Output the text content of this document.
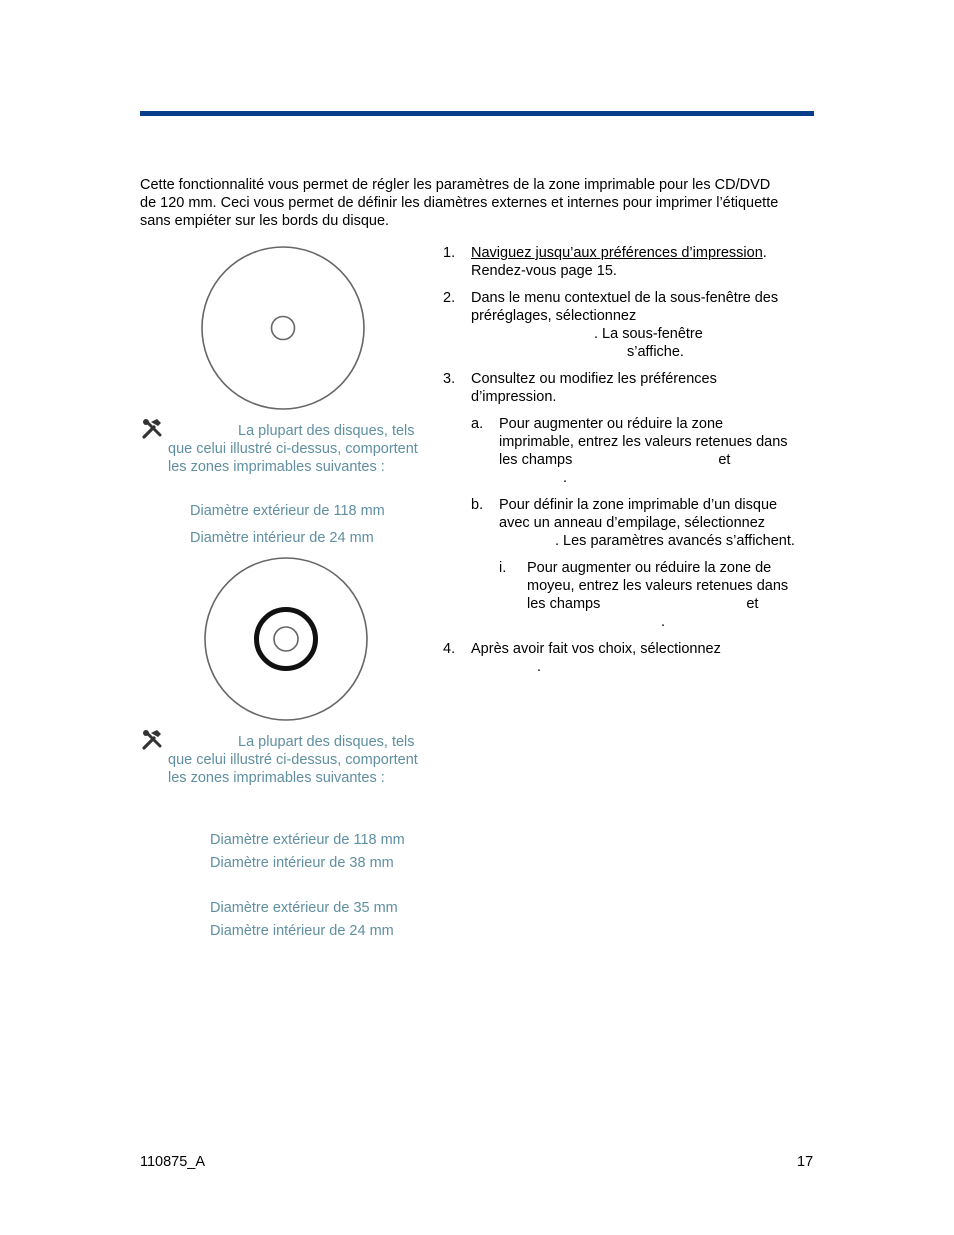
Cette fonctionnalité vous permet de régler les paramètres de la zone imprimable pour les CD/DVD de 120 mm. Ceci vous permet de définir les diamètres externes et internes pour imprimer l’étiquette sans empiéter sur les bords du disque.
La plupart des disques, tels que celui illustré ci-dessus, comportent les zones imprimables suivantes :
Diamètre extérieur de 118 mm
Diamètre intérieur de 24 mm
La plupart des disques, tels que celui illustré ci-dessus, comportent les zones imprimables suivantes :
Diamètre extérieur de 118 mm
Diamètre intérieur de 38 mm
Diamètre extérieur de 35 mm
Diamètre intérieur de 24 mm
1. Naviguez jusqu’aux préférences d’impression.
Rendez-vous page 15.
2. Dans le menu contextuel de la sous-fenêtre des
préréglages, sélectionnez
. La sous-fenêtre
s’affiche.
3. Consultez ou modifiez les préférences
d’impression.
a. Pour augmenter ou réduire la zone
imprimable, entrez les valeurs retenues dans
les champs	et
.
b. Pour définir la zone imprimable d’un disque
avec un anneau d’empilage, sélectionnez
. Les paramètres avancés s’affichent.
i. Pour augmenter ou réduire la zone de
moyeu, entrez les valeurs retenues dans
les champs	et
.
4. Après avoir fait vos choix, sélectionnez
.
110875_A	17
